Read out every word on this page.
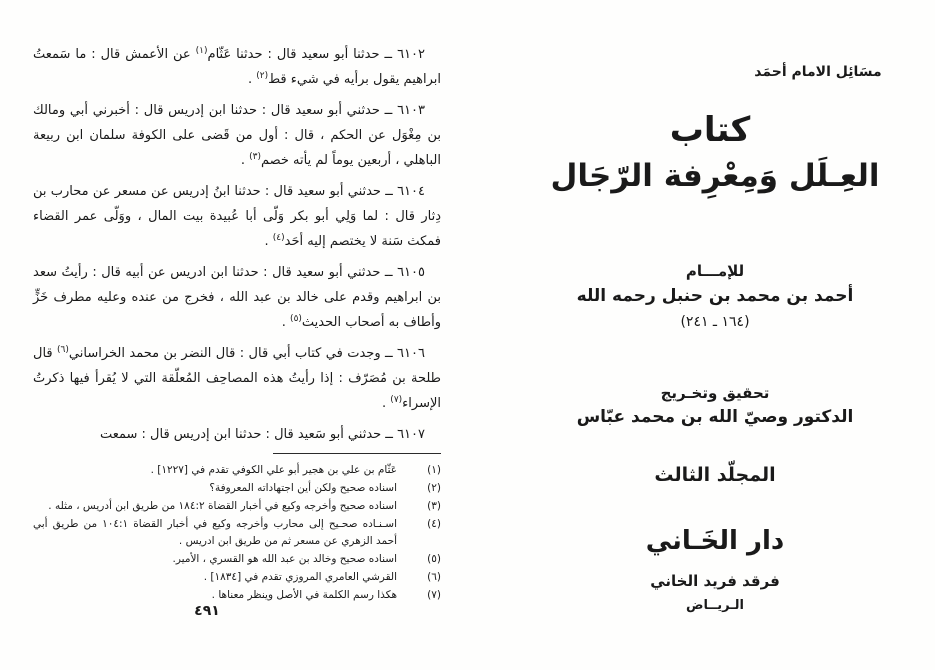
٦١٠٢ ــ حدثنا أبو سعيد قال : حدثنا عَثّام$^{(١)}$ عن الأعمش قال : ما سَمعتُ ابراهيم يقول برأيه في شيء قط$^{(٢)}$ .

٦١٠٣ ــ حدثني أبو سعيد قال : حدثنا ابن إدريس قال : أخبرني أبي ومالك بن مِغْوَل عن الحكم ، قال : أول من قَضى على الكوفة سلمان ابن ربيعة الباهلي ، أربعين يوماً لم يأته خصم$^{(٣)}$ .

٦١٠٤ ــ حدثني أبو سعيد قال : حدثنا ابنُ إدريس عن مسعر عن محارب بن دِثار قال : لما وَلِي أبو بكر وَلّى أبا عُبيدة بيت المال ، ووَلّى عمر القضاء فمكث سَنة لا يختصم إليه أحَد$^{(٤)}$ .

٦١٠٥ ــ حدثني أبو سعيد قال : حدثنا ابن ادريس عن أبيه قال : رأيتُ سعد بن ابراهيم وقدم على خالد بن عبد الله ، فخرج من عنده وعليه مطرف خَزٍّ وأطاف به أصحاب الحديث$^{(٥)}$ .

٦١٠٦ ــ وجدت في كتاب أبي قال : قال النضر بن محمد الخراساني$^{(٦)}$ قال طلحة بن مُصَرّف : إذا رأيتُ هذه المصاحِف المُعلّقة التي لا يُقرأ فيها ذكرتُ الإسراء$^{(٧)}$ .

٦١٠٧ ــ حدثني أبو سَعيد قال : حدثنا ابن إدريس قال : سمعت

(١)
عَثّام بن علي بن هجير أبو علي الكوفي تقدم في [١٢٢٧] .
(٢)
اسناده صحيح ولكن أين اجتهاداته المعروفة؟
(٣)
اسناده صحيح وأخرجه وكيع في أخبار القضاة ١٨٤:٢ من طريق ابن أدريس ، مثله .
(٤)
اسـنـاده صحـيح إلى محارب وأخرجه وكيع في أخبار القضاة ١٠٤:١ من طريق أبي أحمد الزهري عن مسعر ثم من طريق ابن ادريس .
(٥)
اسناده صحيح وخالد بن عبد الله هو القسري ، الأمير.
(٦)
القرشي العامري المروزي تقدم في [١٨٣٤] .
(٧)
هكذا رسم الكلمة في الأصل وينظر معناها .
٤٩١
مسَائِل الامام أحمَد
كتاب
العِـلَل وَمِعْرِفة الرّجَال
للإمـــام
أحمد بن محمد بن حنبل رحمه الله
(١٦٤ ـ ٢٤١)
تحقيق وتخـريج
الدكتور وصيّ الله بن محمد عبّاس
المجلّد الثالث
دار الخَـاني
فرقد فريد الخاني
الـريــاض
